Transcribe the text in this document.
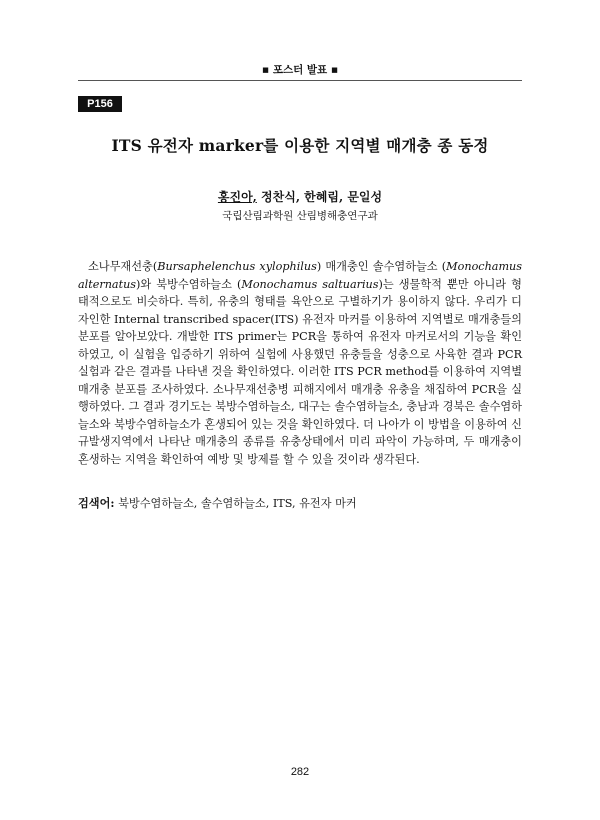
■ 포스터 발표 ■
P156
ITS 유전자 marker를 이용한 지역별 매개충 종 동정
홍진아, 정찬식, 한혜림, 문일성
국립산림과학원 산림병해충연구과

소나무재선충(Bursaphelenchus xylophilus) 매개충인 솔수염하늘소 (Monochamus alternatus)와 북방수염하늘소 (Monochamus saltuarius)는 생물학적 뿐만 아니라 형태적으로도 비슷하다. 특히, 유충의 형태를 육안으로 구별하기가 용이하지 않다. 우리가 디자인한 Internal transcribed spacer(ITS) 유전자 마커를 이용하여 지역별로 매개충들의 분포를 알아보았다. 개발한 ITS primer는 PCR을 통하여 유전자 마커로서의 기능을 확인하였고, 이 실험을 입증하기 위하여 실험에 사용했던 유충들을 성충으로 사육한 결과 PCR 실험과 같은 결과를 나타낸 것을 확인하였다. 이러한 ITS PCR method를 이용하여 지역별 매개충 분포를 조사하였다. 소나무재선충병 피해지에서 매개충 유충을 채집하여 PCR을 실행하였다. 그 결과 경기도는 북방수염하늘소, 대구는 솔수염하늘소, 충남과 경북은 솔수염하늘소와 북방수염하늘소가 혼생되어 있는 것을 확인하였다. 더 나아가 이 방법을 이용하여 신규발생지역에서 나타난 매개충의 종류를 유충상태에서 미리 파악이 가능하며, 두 매개충이 혼생하는 지역을 확인하여 예방 및 방제를 할 수 있을 것이라 생각된다.

검색어: 북방수염하늘소, 솔수염하늘소, ITS, 유전자 마커
282
